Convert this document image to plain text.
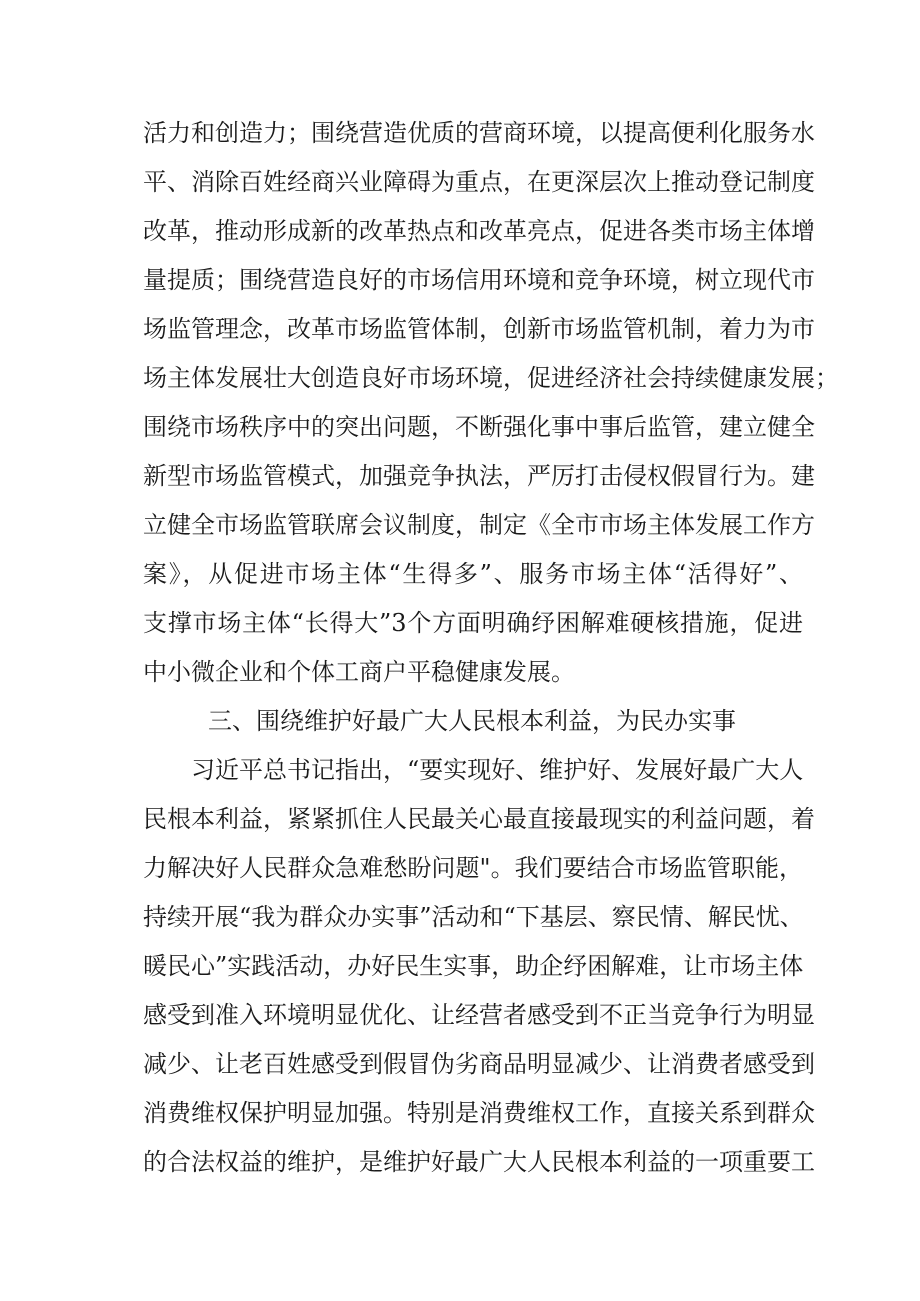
活力和创造力；围绕营造优质的营商环境，以提高便利化服务水
平、消除百姓经商兴业障碍为重点，在更深层次上推动登记制度
改革，推动形成新的改革热点和改革亮点，促进各类市场主体增
量提质；围绕营造良好的市场信用环境和竞争环境，树立现代市
场监管理念，改革市场监管体制，创新市场监管机制，着力为市
场主体发展壮大创造良好市场环境，促进经济社会持续健康发展；
围绕市场秩序中的突出问题，不断强化事中事后监管，建立健全
新型市场监管模式，加强竞争执法，严厉打击侵权假冒行为。建
立健全市场监管联席会议制度，制定《全市市场主体发展工作方
案》，从促进市场主体“生得多”、服务市场主体“活得好”、
支撑市场主体“长得大”3个方面明确纾困解难硬核措施，促进
中小微企业和个体工商户平稳健康发展。
三、围绕维护好最广大人民根本利益，为民办实事
习近平总书记指出，“要实现好、维护好、发展好最广大人
民根本利益，紧紧抓住人民最关心最直接最现实的利益问题，着
力解决好人民群众急难愁盼问题"。我们要结合市场监管职能，
持续开展“我为群众办实事”活动和“下基层、察民情、解民忧、
暖民心”实践活动，办好民生实事，助企纾困解难，让市场主体
感受到准入环境明显优化、让经营者感受到不正当竞争行为明显
减少、让老百姓感受到假冒伪劣商品明显减少、让消费者感受到
消费维权保护明显加强。特别是消费维权工作，直接关系到群众
的合法权益的维护，是维护好最广大人民根本利益的一项重要工
